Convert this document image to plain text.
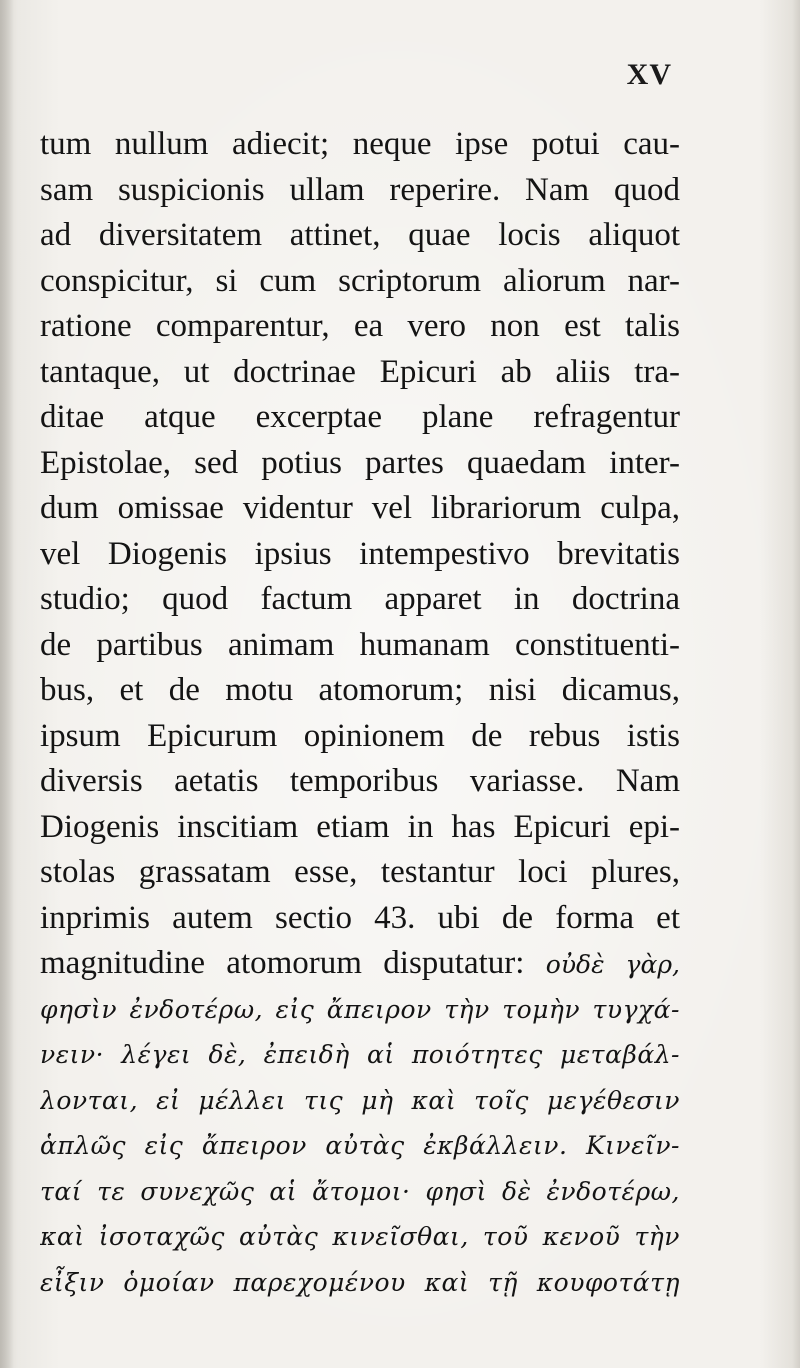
XV
tum nullum adiecit; neque ipse potui cau-
sam suspicionis ullam reperire. Nam quod
ad diversitatem attinet, quae locis aliquot
conspicitur, si cum scriptorum aliorum nar-
ratione comparentur, ea vero non est talis
tantaque, ut doctrinae Epicuri ab aliis tra-
ditae atque excerptae plane refragentur
Epistolae, sed potius partes quaedam inter-
dum omissae videntur vel librariorum culpa,
vel Diogenis ipsius intempestivo brevitatis
studio; quod factum apparet in doctrina
de partibus animam humanam constituenti-
bus, et de motu atomorum; nisi dicamus,
ipsum Epicurum opinionem de rebus istis
diversis aetatis temporibus variasse. Nam
Diogenis inscitiam etiam in has Epicuri epi-
stolas grassatam esse, testantur loci plures,
inprimis autem sectio 43. ubi de forma et
magnitudine atomorum disputatur: οὐδὲ γὰρ,
φησὶν ἐνδοτέρω, εἰς ἄπειρον τὴν τομὴν τυγχά-
νειν· λέγει δὲ, ἐπειδὴ αἱ ποιότητες μεταβάλ-
λονται, εἰ μέλλει τις μὴ καὶ τοῖς μεγέθεσιν
ἁπλῶς εἰς ἄπειρον αὐτὰς ἐκβάλλειν. Κινεῖν-
ταί τε συνεχῶς αἱ ἄτομοι· φησὶ δὲ ἐνδοτέρω,
καὶ ἰσοταχῶς αὐτὰς κινεῖσθαι, τοῦ κενοῦ τὴν
εἶξιν ὁμοίαν παρεχομένου καὶ τῇ κουφοτάτῃ
